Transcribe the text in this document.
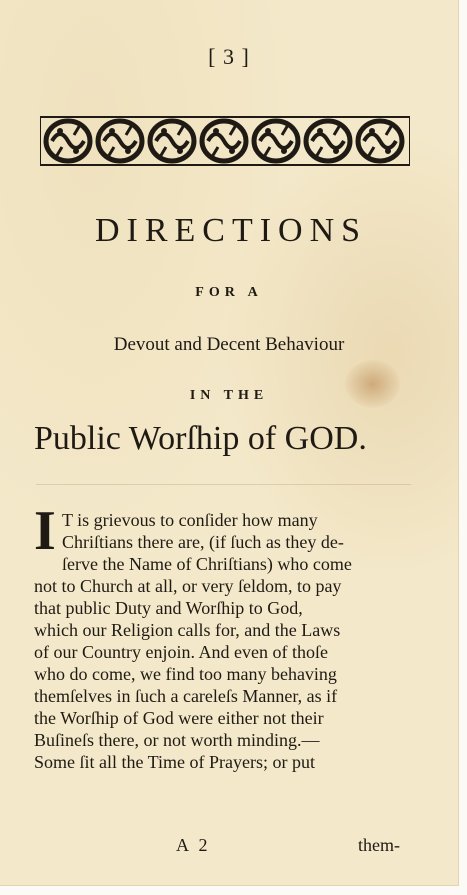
[ 3 ]
DIRECTIONS
FOR A
Devout and Decent Behaviour
IN THE
Public Worſhip of GOD.
I T is grievous to conſider how many
Chriſtians there are, (if ſuch as they de-
ſerve the Name of Chriſtians) who come
not to Church at all, or very ſeldom, to pay
that public Duty and Worſhip to God,
which our Religion calls for, and the Laws
of our Country enjoin. And even of thoſe
who do come, we find too many behaving
themſelves in ſuch a careleſs Manner, as if
the Worſhip of God were either not their
Buſineſs there, or not worth minding.—
Some ſit all the Time of Prayers; or put
A 2	them-
